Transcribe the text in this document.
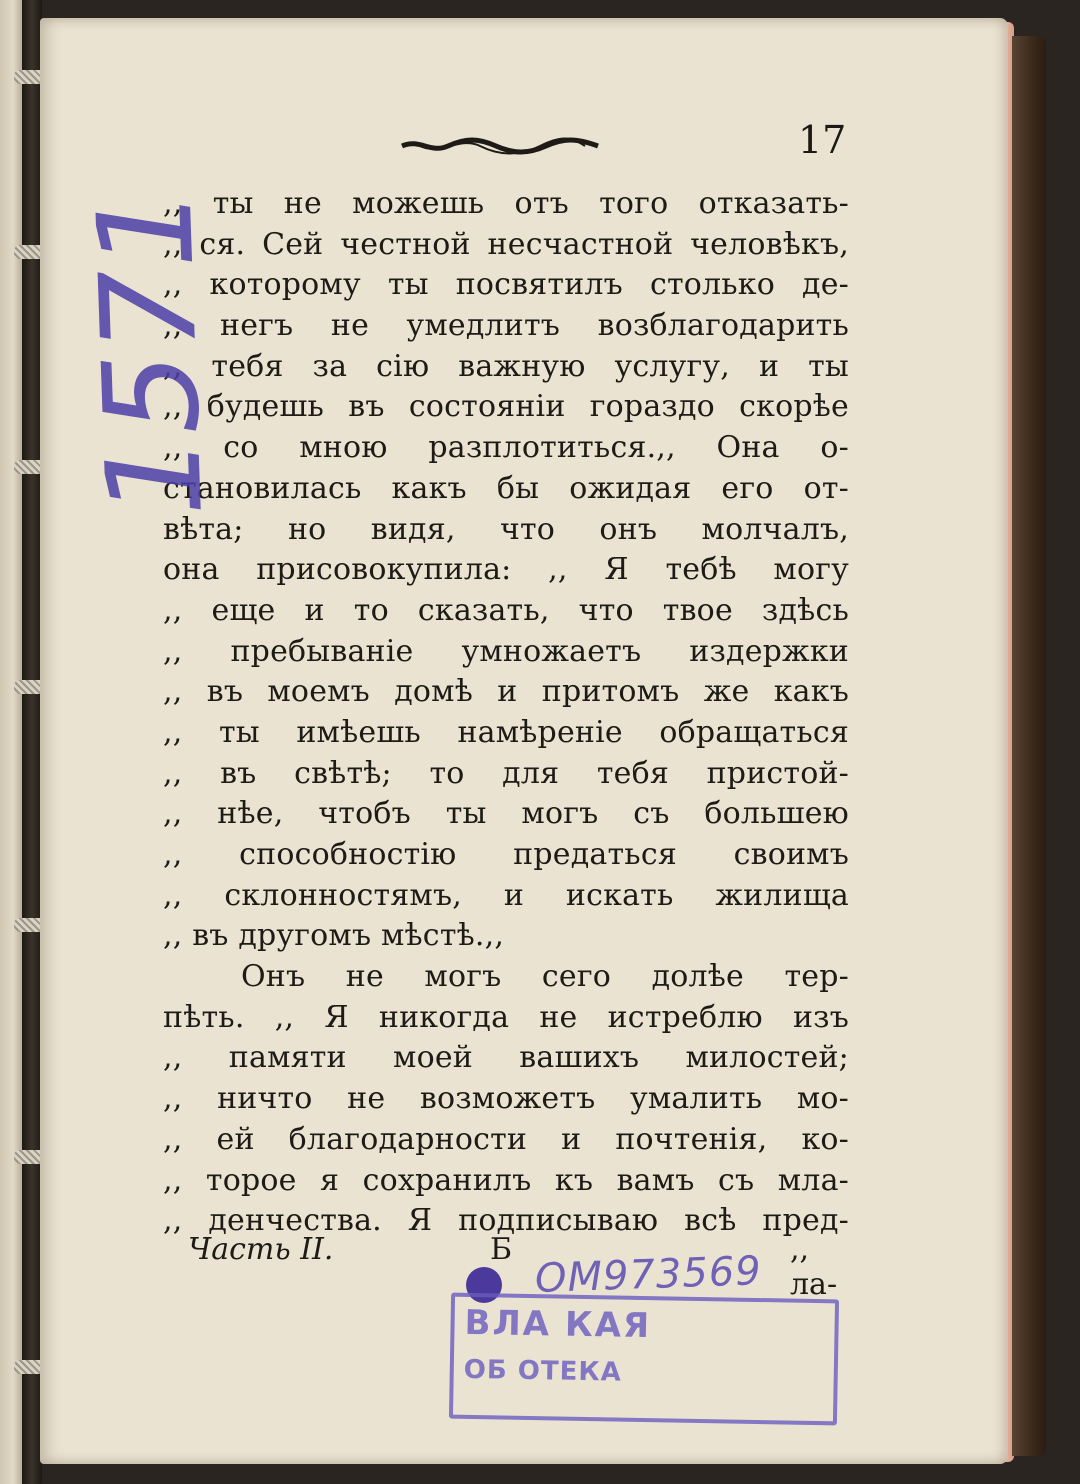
17
,, ты не можешь отъ того отказать-
,, ся. Сей честной несчастной человѣкъ,
,, которому ты посвятилъ столько де-
,, негъ не умедлитъ возблагодарить
,, тебя за сію важную услугу, и ты
,, будешь въ состояніи гораздо скорѣе
,, со мною разплотиться.,, Она о-
становилась какъ бы ожидая его от-
вѣта; но видя, что онъ молчалъ,
она присовокупила: ,, Я тебѣ могу
,, еще и то сказать, что твое здѣсь
,, пребываніе умножаетъ издержки
,, въ моемъ домѣ и притомъ же какъ
,, ты имѣешь намѣреніе обращаться
,, въ свѣтѣ; то для тебя пристой-
,, нѣе, чтобъ ты могъ съ большею
,, способностію предаться своимъ
,, склонностямъ, и искать жилища
,, въ другомъ мѣстѣ.,,
Онъ не могъ сего долѣе тер-
пѣть. ,, Я никогда не истреблю изъ
,, памяти моей вашихъ милостей;
,, ничто не возможетъ умалить мо-
,, ей благодарности и почтенія, ко-
,, торое я сохранилъ къ вамъ съ мла-
,, денчества. Я подписываю всѣ пред-
Часть II.	Б	,, ла-
1571
ОМ973569
ВЛА КАЯ
ОБ ОТЕКА
